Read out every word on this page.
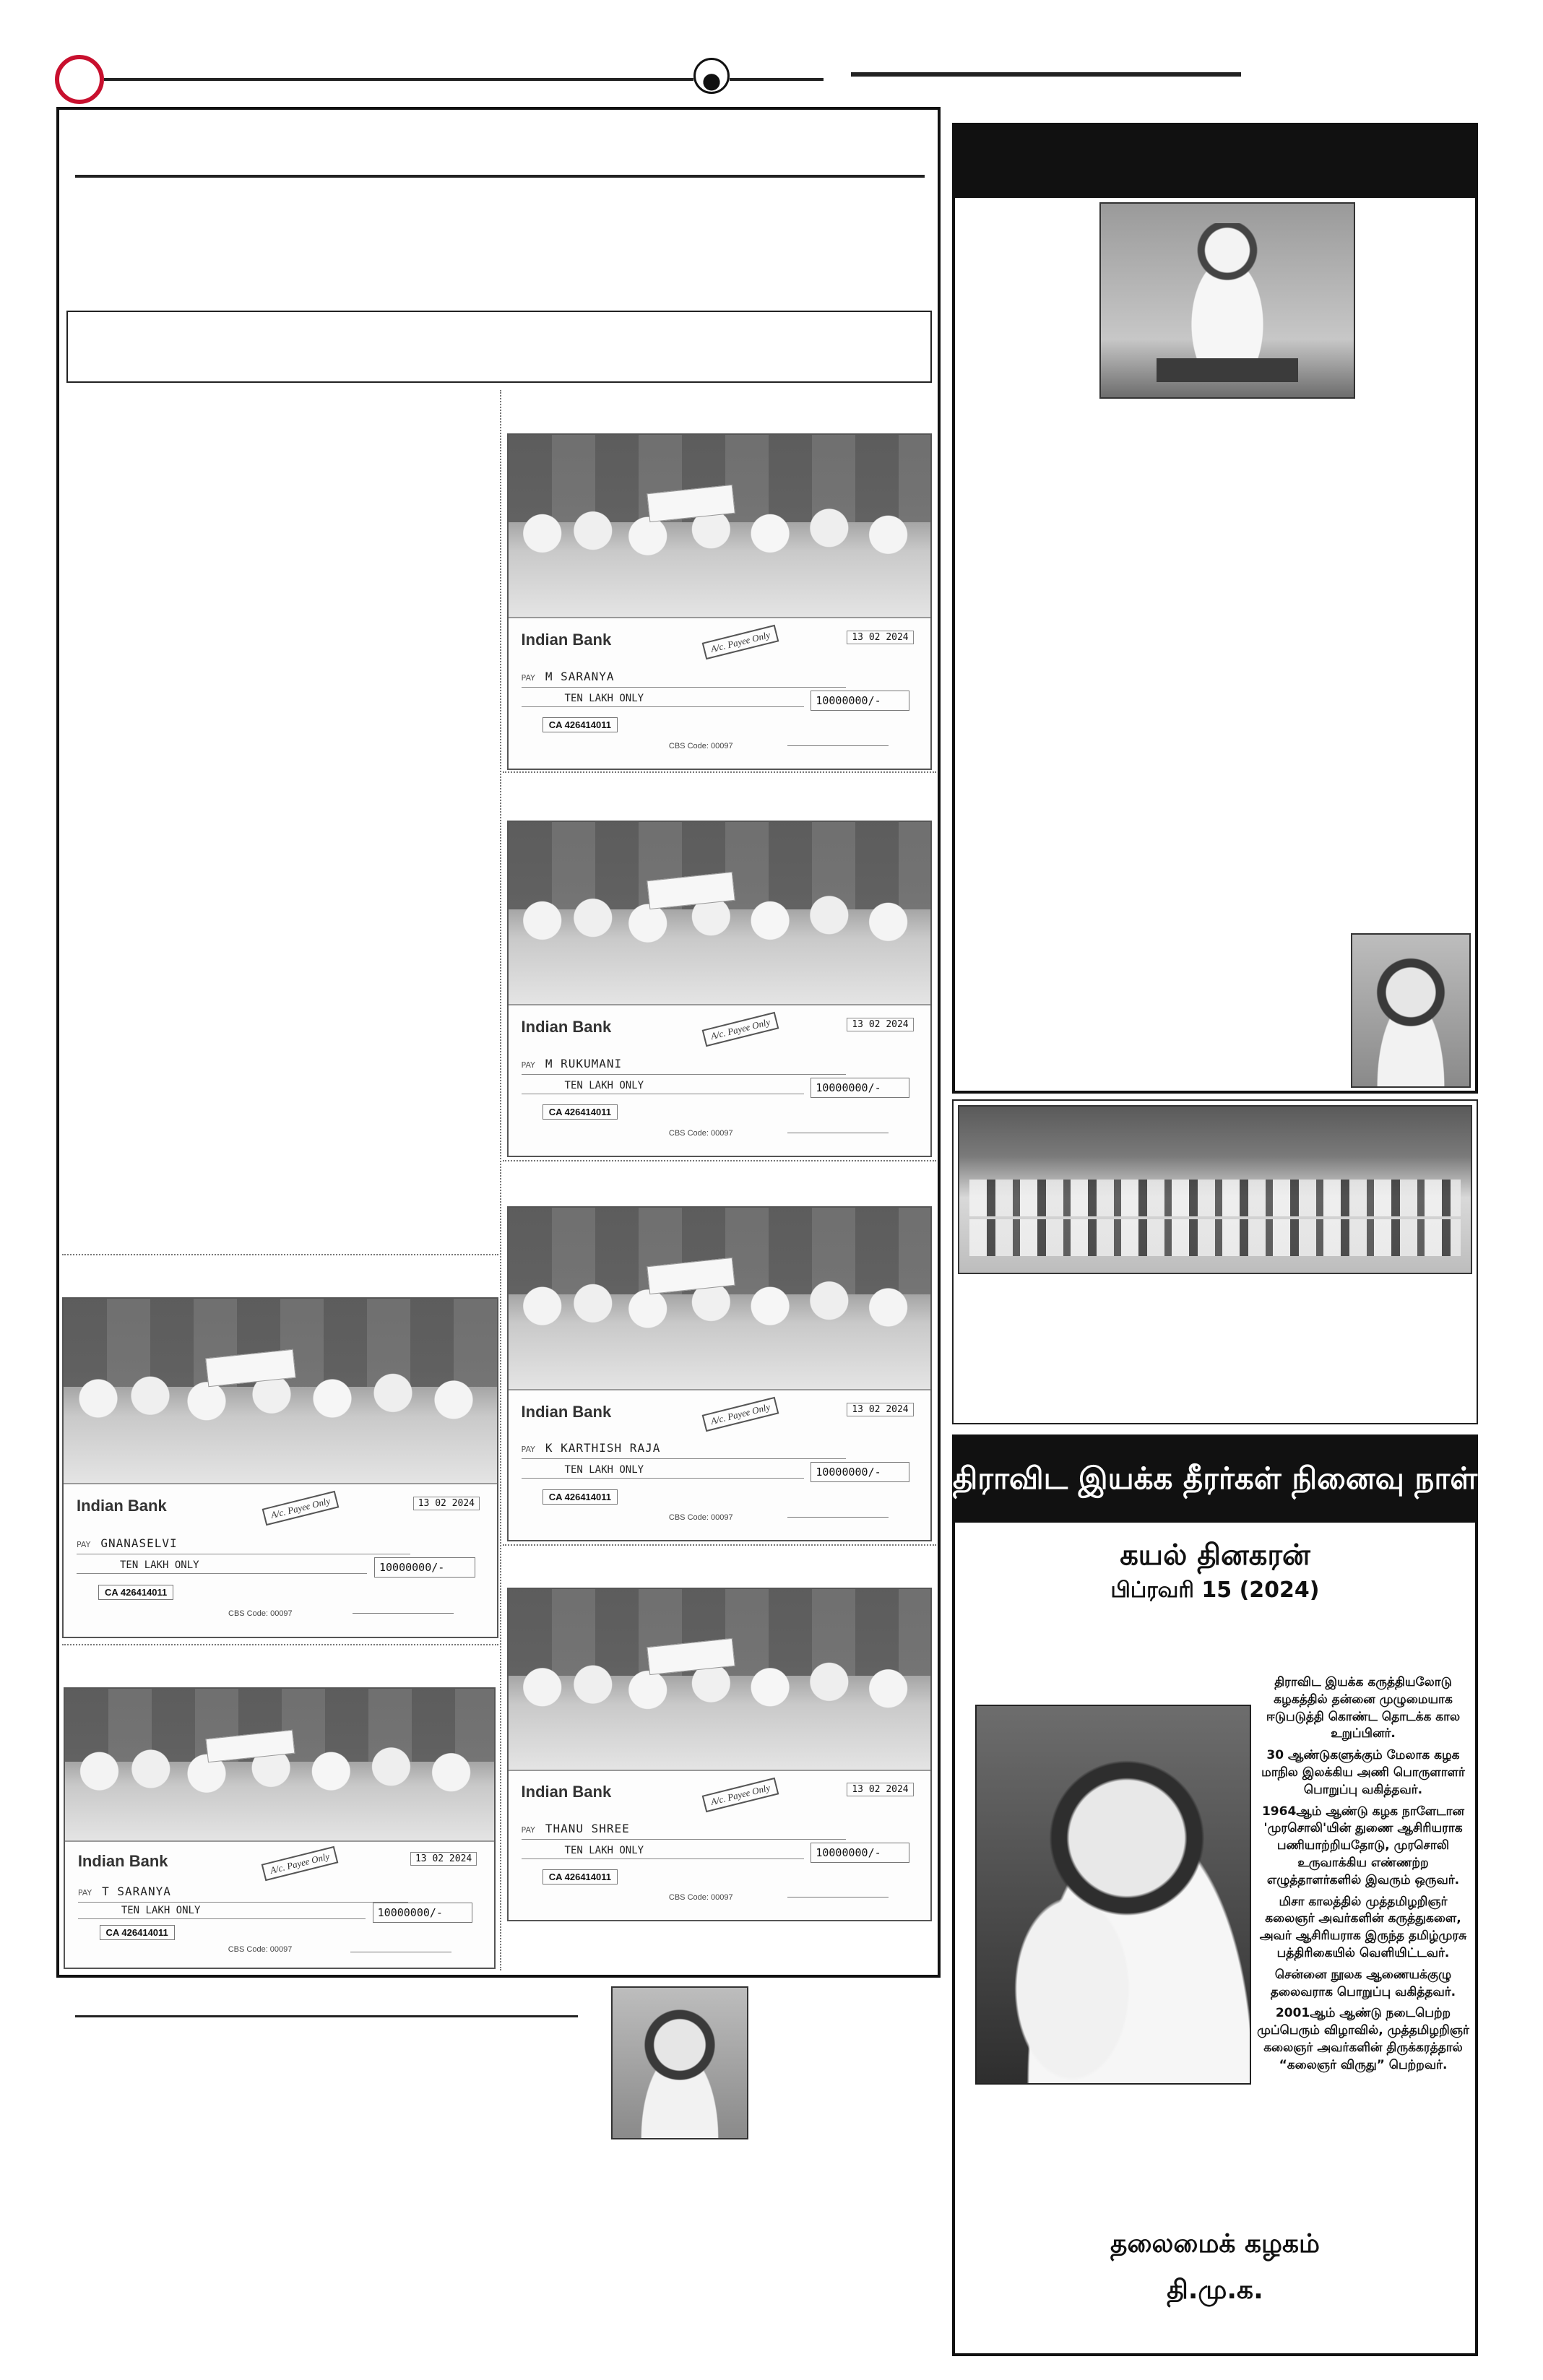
Indian Bank	A/c. Payee Only	13 02 2024
PAY M SARANYA
TEN LAKH ONLY	10000000/-
CA 426414011
CBS Code: 00097
Indian Bank	A/c. Payee Only	13 02 2024
PAY M RUKUMANI
TEN LAKH ONLY	10000000/-
CA 426414011
CBS Code: 00097
Indian Bank	A/c. Payee Only	13 02 2024
PAY GNANASELVI
TEN LAKH ONLY	10000000/-
CA 426414011
CBS Code: 00097
Indian Bank	A/c. Payee Only	13 02 2024
PAY K KARTHISH RAJA
TEN LAKH ONLY	10000000/-
CA 426414011
CBS Code: 00097
Indian Bank	A/c. Payee Only	13 02 2024
PAY T SARANYA
TEN LAKH ONLY	10000000/-
CA 426414011
CBS Code: 00097
Indian Bank	A/c. Payee Only	13 02 2024
PAY THANU SHREE
TEN LAKH ONLY	10000000/-
CA 426414011
CBS Code: 00097
திராவிட இயக்க தீரர்கள் நினைவு நாள்
கயல் தினகரன்
பிப்ரவரி 15 (2024)

திராவிட இயக்க கருத்தியலோடு கழகத்தில் தன்னை முழுமையாக ஈடுபடுத்தி கொண்ட தொடக்க கால உறுப்பினர்.

30 ஆண்டுகளுக்கும் மேலாக கழக மாநில இலக்கிய அணி பொருளாளர் பொறுப்பு வகித்தவர்.

1964ஆம் ஆண்டு கழக நாளேடான 'முரசொலி'யின் துணை ஆசிரியராக பணியாற்றியதோடு, முரசொலி உருவாக்கிய எண்ணற்ற எழுத்தாளர்களில் இவரும் ஒருவர்.

மிசா காலத்தில் முத்தமிழறிஞர் கலைஞர் அவர்களின் கருத்துகளை, அவர் ஆசிரியராக இருந்த தமிழ்முரசு பத்திரிகையில் வெளியிட்டவர்.

சென்னை நூலக ஆணையக்குழு தலைவராக பொறுப்பு வகித்தவர்.

2001ஆம் ஆண்டு நடைபெற்ற முப்பெரும் விழாவில், முத்தமிழறிஞர் கலைஞர் அவர்களின் திருக்கரத்தால் “கலைஞர் விருது” பெற்றவர்.

தலைமைக் கழகம்
தி.மு.க.
